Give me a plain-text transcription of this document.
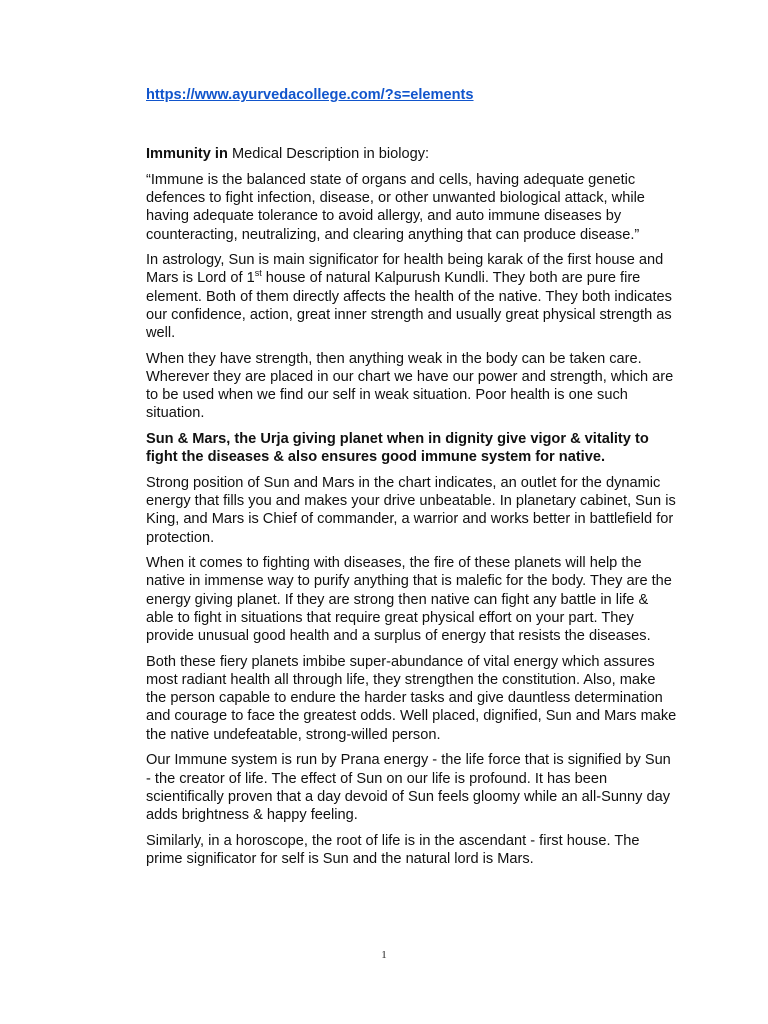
https://www.ayurvedacollege.com/?s=elements
Immunity in Medical Description in biology:

“Immune is the balanced state of organs and cells, having adequate genetic defences to fight infection, disease, or other unwanted biological attack, while having adequate tolerance to avoid allergy, and auto immune diseases by counteracting, neutralizing, and clearing anything that can produce disease.”

In astrology, Sun is main significator for health being karak of the first house and Mars is Lord of 1st house of natural Kalpurush Kundli. They both are pure fire element. Both of them directly affects the health of the native. They both indicates our confidence, action, great inner strength and usually great physical strength as well.

When they have strength, then anything weak in the body can be taken care. Wherever they are placed in our chart we have our power and strength, which are to be used when we find our self in weak situation. Poor health is one such situation.

Sun & Mars, the Urja giving planet when in dignity give vigor & vitality to fight the diseases & also ensures good immune system for native.

Strong position of Sun and Mars in the chart indicates, an outlet for the dynamic energy that fills you and makes your drive unbeatable. In planetary cabinet, Sun is King, and Mars is Chief of commander, a warrior and works better in battlefield for protection.

When it comes to fighting with diseases, the fire of these planets will help the native in immense way to purify anything that is malefic for the body. They are the energy giving planet. If they are strong then native can fight any battle in life & able to fight in situations that require great physical effort on your part. They provide unusual good health and a surplus of energy that resists the diseases.

Both these fiery planets imbibe super-abundance of vital energy which assures most radiant health all through life, they strengthen the constitution. Also, make the person capable to endure the harder tasks and give dauntless determination and courage to face the greatest odds. Well placed, dignified, Sun and Mars make the native undefeatable, strong-willed person.

Our Immune system is run by Prana energy - the life force that is signified by Sun - the creator of life. The effect of Sun on our life is profound. It has been scientifically proven that a day devoid of Sun feels gloomy while an all-Sunny day adds brightness & happy feeling.

Similarly, in a horoscope, the root of life is in the ascendant - first house. The prime significator for self is Sun and the natural lord is Mars.

1
